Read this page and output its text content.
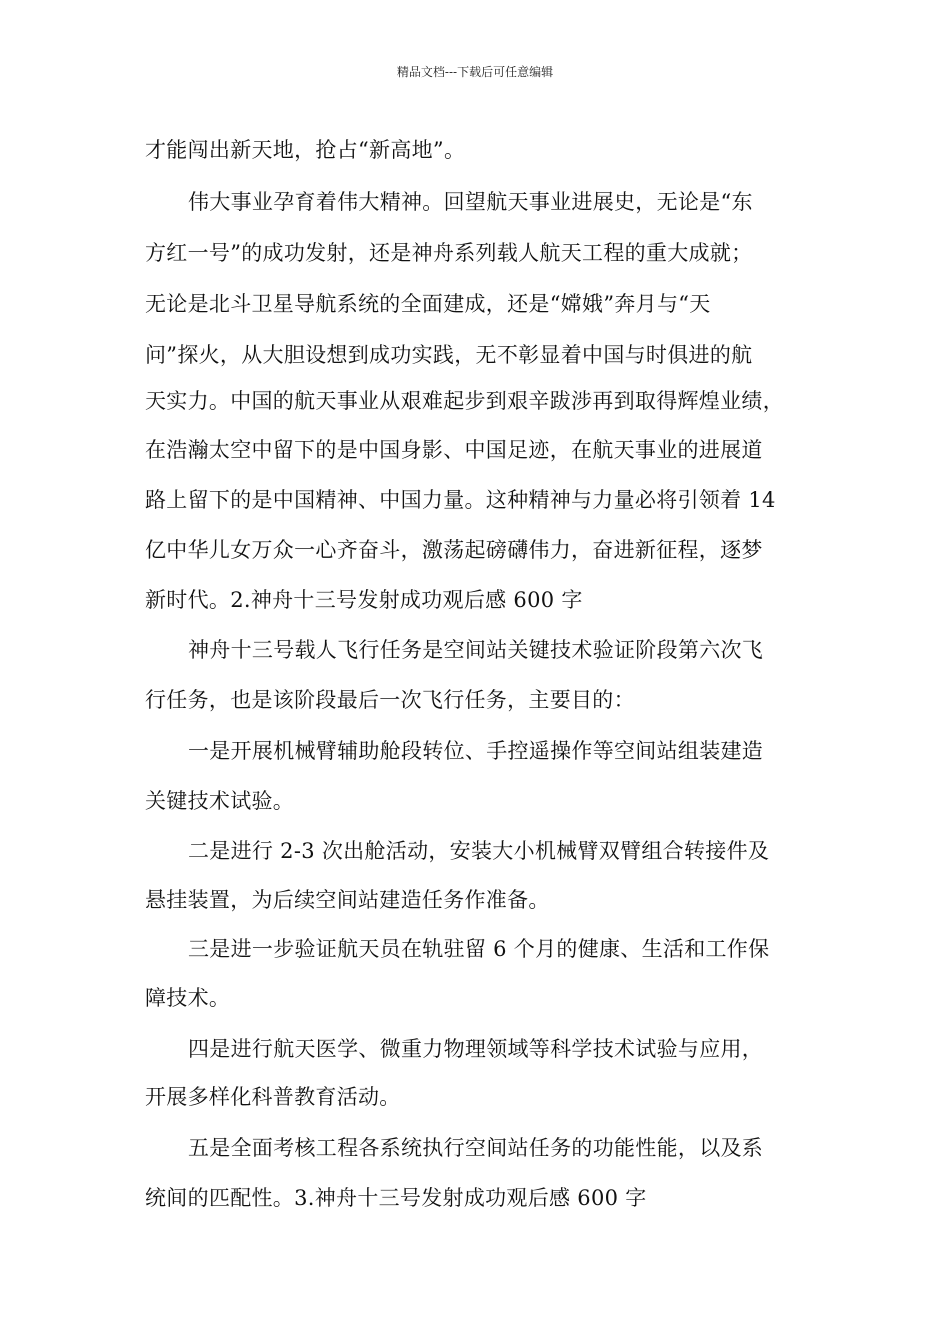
精品文档---下载后可任意编辑
才能闯出新天地，抢占“新高地”。
伟大事业孕育着伟大精神。回望航天事业进展史，无论是“东
方红一号”的成功发射，还是神舟系列载人航天工程的重大成就；
无论是北斗卫星导航系统的全面建成，还是“嫦娥”奔月与“天
问”探火，从大胆设想到成功实践，无不彰显着中国与时俱进的航
天实力。中国的航天事业从艰难起步到艰辛跋涉再到取得辉煌业绩，
在浩瀚太空中留下的是中国身影、中国足迹，在航天事业的进展道
路上留下的是中国精神、中国力量。这种精神与力量必将引领着 14
亿中华儿女万众一心齐奋斗，激荡起磅礴伟力，奋进新征程，逐梦
新时代。2.神舟十三号发射成功观后感 600 字
神舟十三号载人飞行任务是空间站关键技术验证阶段第六次飞
行任务，也是该阶段最后一次飞行任务，主要目的：
一是开展机械臂辅助舱段转位、手控遥操作等空间站组装建造
关键技术试验。
二是进行 2-3 次出舱活动，安装大小机械臂双臂组合转接件及
悬挂装置，为后续空间站建造任务作准备。
三是进一步验证航天员在轨驻留 6 个月的健康、生活和工作保
障技术。
四是进行航天医学、微重力物理领域等科学技术试验与应用，
开展多样化科普教育活动。
五是全面考核工程各系统执行空间站任务的功能性能，以及系
统间的匹配性。3.神舟十三号发射成功观后感 600 字
